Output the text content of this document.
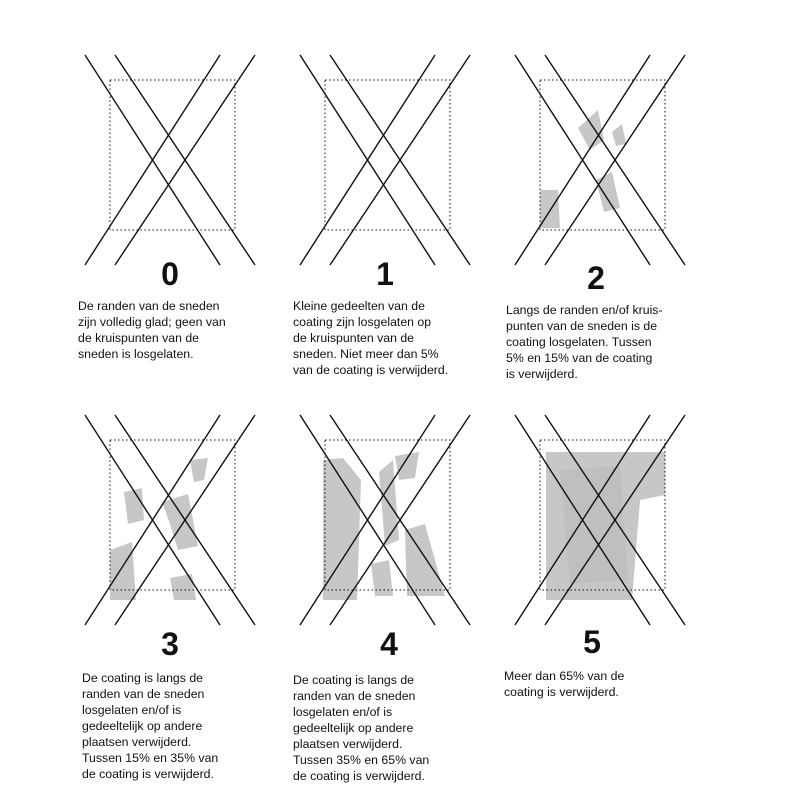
0
De randen van de sneden
zijn volledig glad; geen van
de kruispunten van de
sneden is losgelaten.
1
Kleine gedeelten van de
coating zijn losgelaten op
de kruispunten van de
sneden. Niet meer dan 5%
van de coating is verwijderd.
2
Langs de randen en/of kruis-
punten van de sneden is de
coating losgelaten. Tussen
5% en 15% van de coating
is verwijderd.
3
De coating is langs de
randen van de sneden
losgelaten en/of is
gedeeltelijk op andere
plaatsen verwijderd.
Tussen 15% en 35% van
de coating is verwijderd.
4
De coating is langs de
randen van de sneden
losgelaten en/of is
gedeeltelijk op andere
plaatsen verwijderd.
Tussen 35% en 65% van
de coating is verwijderd.
5
Meer dan 65% van de
coating is verwijderd.
